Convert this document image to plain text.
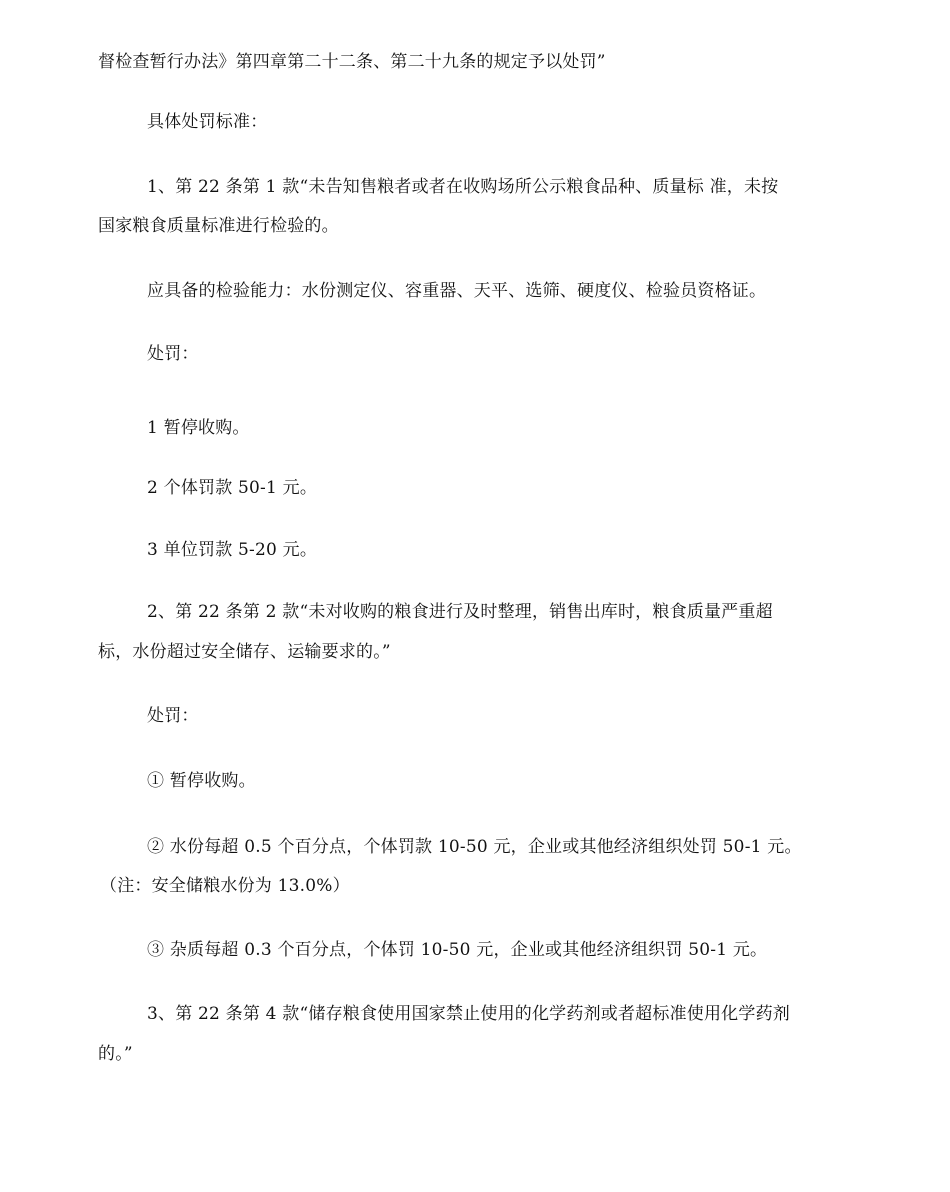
督检查暂行办法》第四章第二十二条、第二十九条的规定予以处罚”
具体处罚标准：
1、第 22 条第 1 款“未告知售粮者或者在收购场所公示粮食品种、质量标 准，未按
国家粮食质量标准进行检验的。
应具备的检验能力：水份测定仪、容重器、天平、选筛、硬度仪、检验员资格证。
处罚：
1 暂停收购。
2 个体罚款 50-1 元。
3 单位罚款 5-20 元。
2、第 22 条第 2 款“未对收购的粮食进行及时整理，销售出库时，粮食质量严重超
标，水份超过安全储存、运输要求的。”
处罚：
① 暂停收购。
② 水份每超 0.5 个百分点，个体罚款 10-50 元，企业或其他经济组织处罚 50-1 元。
（注：安全储粮水份为 13.0%）
③ 杂质每超 0.3 个百分点，个体罚 10-50 元，企业或其他经济组织罚 50-1 元。
3、第 22 条第 4 款“储存粮食使用国家禁止使用的化学药剂或者超标准使用化学药剂
的。”
